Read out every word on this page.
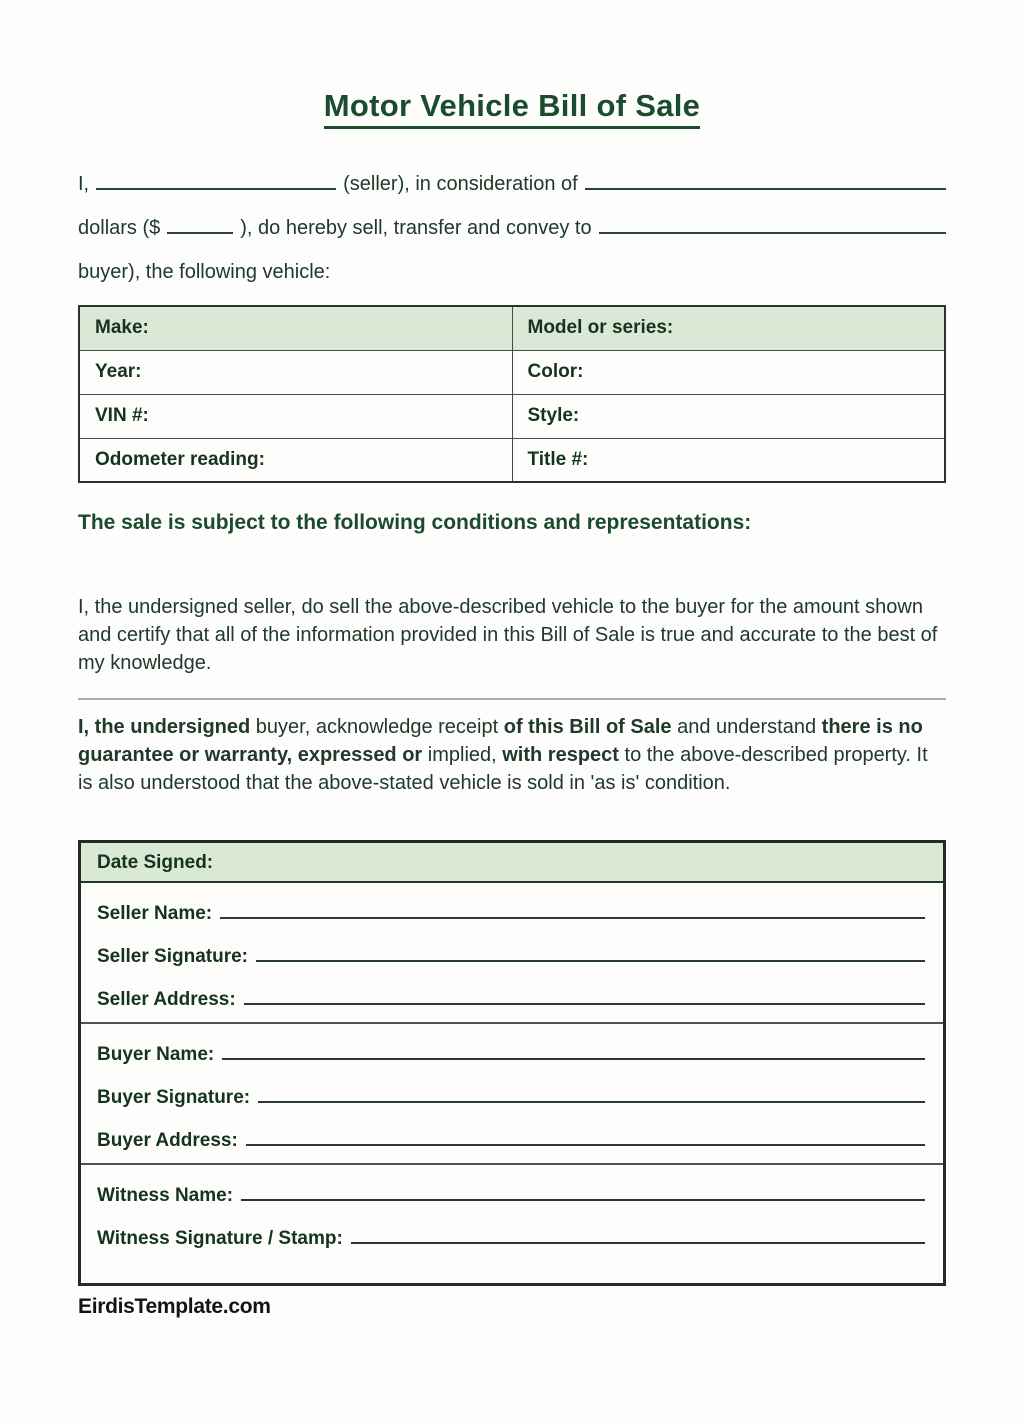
Motor Vehicle Bill of Sale
I,	(seller), in consideration of
dollars ($	), do hereby sell, transfer and convey to
buyer), the following vehicle:
Make:	Model or series:
Year:	Color:
VIN #:	Style:
Odometer reading:	Title #:
The sale is subject to the following conditions and representations:

I, the undersigned seller, do sell the above-described vehicle to the buyer for the amount shown and certify that all of the information provided in this Bill of Sale is true and accurate to the best of my knowledge.

I, the undersigned buyer, acknowledge receipt of this Bill of Sale and understand there is no guarantee or warranty, expressed or implied, with respect to the above-described property. It is also understood that the above-stated vehicle is sold in 'as is' condition.

Date Signed:
Seller Name:
Seller Signature:
Seller Address:
Buyer Name:
Buyer Signature:
Buyer Address:
Witness Name:
Witness Signature / Stamp:
EirdisTemplate.com
